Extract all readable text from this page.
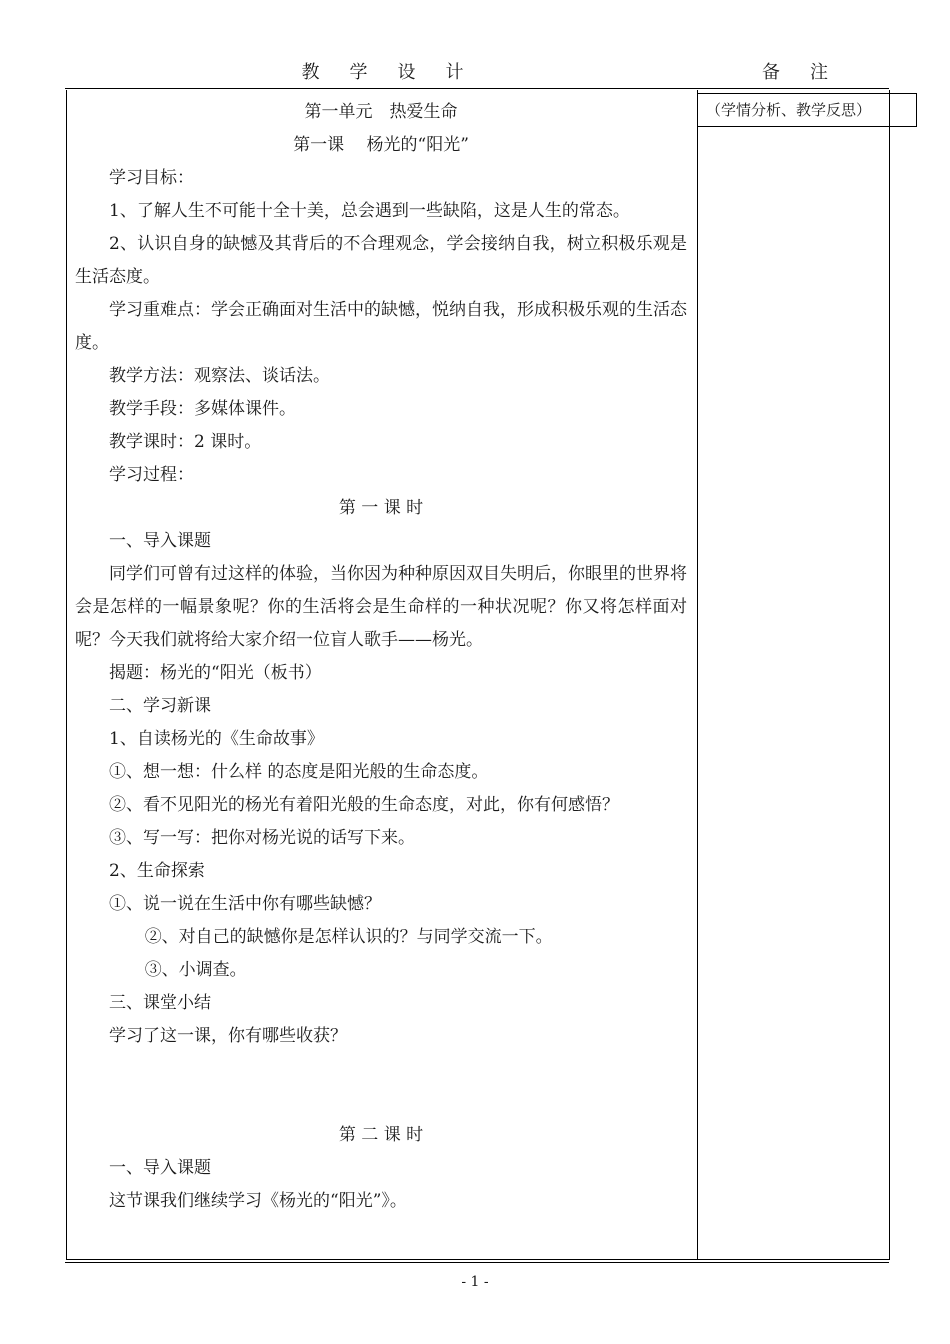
教学设计	备注
（学情分析、教学反思）

第一单元　热爱生命

第一课　 杨光的“阳光”

学习目标：

1、了解人生不可能十全十美，总会遇到一些缺陷，这是人生的常态。

2、认识自身的缺憾及其背后的不合理观念，学会接纳自我，树立积极乐观是生活态度。

学习重难点：学会正确面对生活中的缺憾，悦纳自我，形成积极乐观的生活态度。

教学方法：观察法、谈话法。

教学手段：多媒体课件。

教学课时：2 课时。

学习过程：

第 一 课 时

一、导入课题

同学们可曾有过这样的体验，当你因为种种原因双目失明后，你眼里的世界将会是怎样的一幅景象呢？你的生活将会是生命样的一种状况呢？你又将怎样面对呢？今天我们就将给大家介绍一位盲人歌手——杨光。

揭题：杨光的“阳光（板书）

二、学习新课

1、自读杨光的《生命故事》

①、想一想：什么样 的态度是阳光般的生命态度。

②、看不见阳光的杨光有着阳光般的生命态度，对此，你有何感悟？

③、写一写：把你对杨光说的话写下来。

2、生命探索

①、说一说在生活中你有哪些缺憾？

②、对自己的缺憾你是怎样认识的？与同学交流一下。

③、小调查。

三、课堂小结

学习了这一课，你有哪些收获？

第 二 课 时

一、导入课题

这节课我们继续学习《杨光的“阳光”》。

- 1 -
